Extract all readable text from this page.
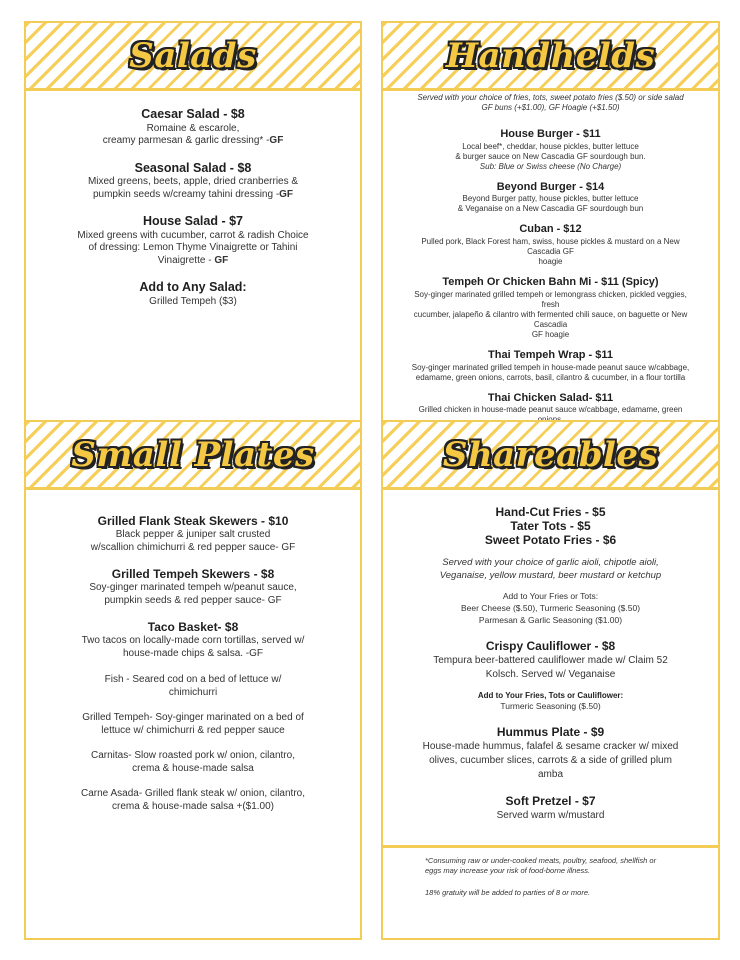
Salads
Caesar Salad - $8
Romaine & escarole,
creamy parmesan & garlic dressing* -GF
Seasonal Salad - $8
Mixed greens, beets, apple, dried cranberries &
pumpkin seeds w/creamy tahini dressing -GF
House Salad - $7
Mixed greens with cucumber, carrot & radish Choice
of dressing: Lemon Thyme Vinaigrette or Tahini
Vinaigrette - GF
Add to Any Salad:
Grilled Tempeh ($3)
Handhelds
Served with your choice of fries, tots, sweet potato fries ($.50) or side salad
GF buns (+$1.00), GF Hoagie (+$1.50)
House Burger - $11
Local beef*, cheddar, house pickles, butter lettuce
& burger sauce on New Cascadia GF sourdough bun.
Sub: Blue or Swiss cheese (No Charge)
Beyond Burger - $14
Beyond Burger patty, house pickles, butter lettuce
& Veganaise on a New Cascadia GF sourdough bun
Cuban - $12
Pulled pork, Black Forest ham, swiss, house pickles & mustard on a New Cascadia GF
hoagie
Tempeh Or Chicken Bahn Mi - $11 (Spicy)
Soy-ginger marinated grilled tempeh or lemongrass chicken, pickled veggies, fresh
cucumber, jalapeño & cilantro with fermented chili sauce, on baguette or New Cascadia
GF hoagie
Thai Tempeh Wrap - $11
Soy-ginger marinated grilled tempeh in house-made peanut sauce w/cabbage,
edamame, green onions, carrots, basil, cilantro & cucumber, in a flour tortilla
Thai Chicken Salad- $11
Grilled chicken in house-made peanut sauce w/cabbage, edamame, green

Small Plates
Grilled Flank Steak Skewers - $10
Black pepper & juniper salt crusted
w/scallion chimichurri & red pepper sauce- GF
Grilled Tempeh Skewers - $8
Soy-ginger marinated tempeh w/peanut sauce,
pumpkin seeds & red pepper sauce- GF
Taco Basket- $8
Two tacos on locally-made corn tortillas, served w/
house-made chips & salsa. -GF
Fish - Seared cod on a bed of lettuce w/
chimichurri
Grilled Tempeh- Soy-ginger marinated on a bed of
lettuce w/ chimichurri & red pepper sauce
Carnitas- Slow roasted pork w/ onion, cilantro,
crema & house-made salsa
Carne Asada- Grilled flank steak w/ onion, cilantro,
crema & house-made salsa +($1.00)
Shareables
Hand-Cut Fries - $5
Tater Tots - $5
Sweet Potato Fries - $6
Served with your choice of garlic aioli, chipotle aioli,
Veganaise, yellow mustard, beer mustard or ketchup
Add to Your Fries or Tots:
Beer Cheese ($.50), Turmeric Seasoning ($.50)
Parmesan & Garlic Seasoning ($1.00)
Crispy Cauliflower - $8
Tempura beer-battered cauliflower made w/ Claim 52
Kolsch. Served w/ Veganaise
Add to Your Fries, Tots or Cauliflower:
Turmeric Seasoning ($.50)
Hummus Plate - $9
House-made hummus, falafel & sesame cracker w/ mixed
olives, cucumber slices, carrots & a side of grilled plum
amba
Soft Pretzel - $7
Served warm w/mustard

*Consuming raw or under-cooked meats, poultry, seafood, shellfish or
eggs may increase your risk of food-borne illness.

18% gratuity will be added to parties of 8 or more.
